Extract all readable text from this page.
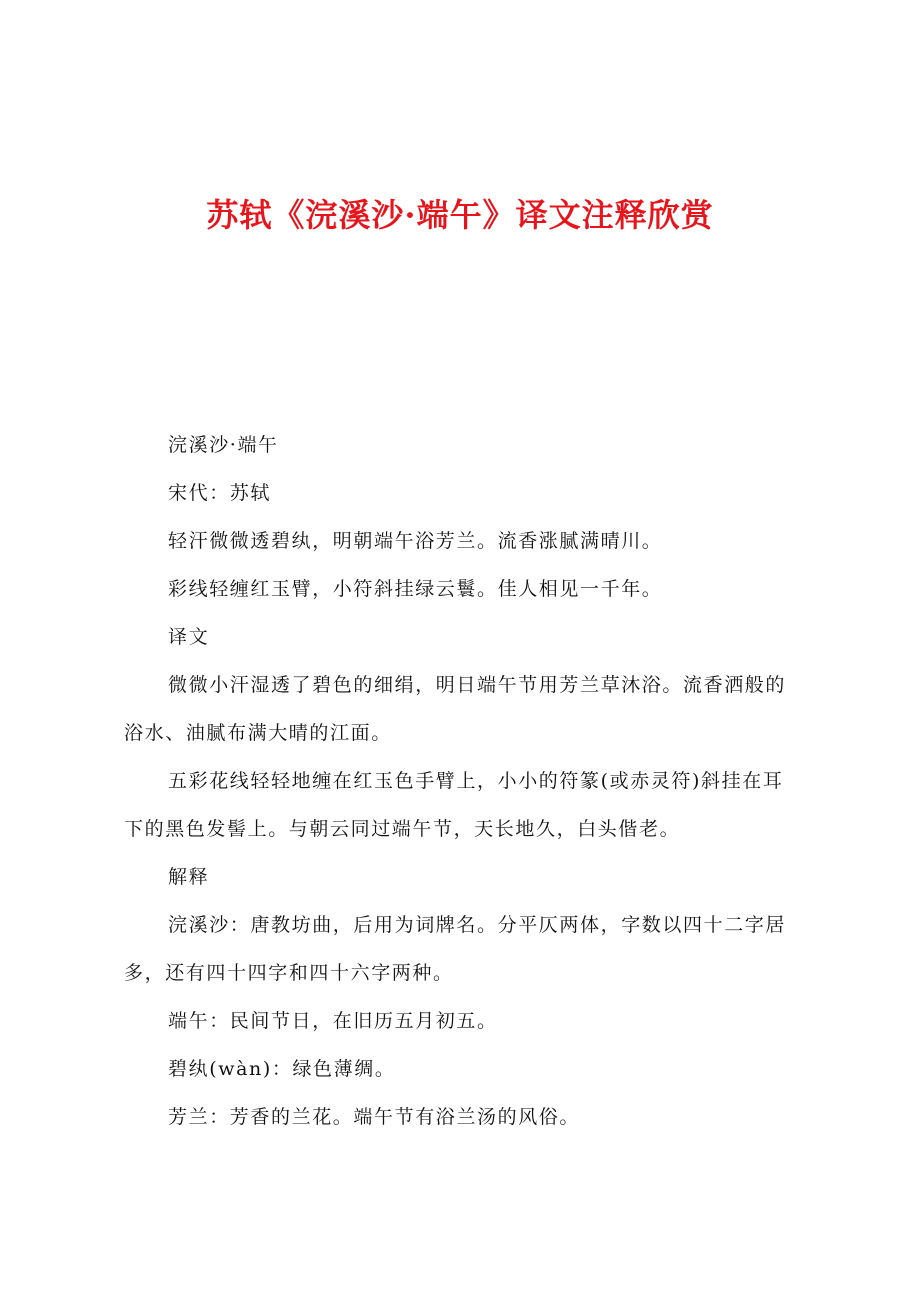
苏轼《浣溪沙·端午》译文注释欣赏

浣溪沙·端午

宋代：苏轼

轻汗微微透碧纨，明朝端午浴芳兰。流香涨腻满晴川。

彩线轻缠红玉臂，小符斜挂绿云鬟。佳人相见一千年。

译文

微微小汗湿透了碧色的细绢，明日端午节用芳兰草沐浴。流香洒般的浴水、油腻布满大晴的江面。

五彩花线轻轻地缠在红玉色手臂上，小小的符篆(或赤灵符)斜挂在耳下的黑色发髻上。与朝云同过端午节，天长地久，白头偕老。

解释

浣溪沙：唐教坊曲，后用为词牌名。分平仄两体，字数以四十二字居多，还有四十四字和四十六字两种。

端午：民间节日，在旧历五月初五。

碧纨(wàn)：绿色薄绸。

芳兰：芳香的兰花。端午节有浴兰汤的风俗。
